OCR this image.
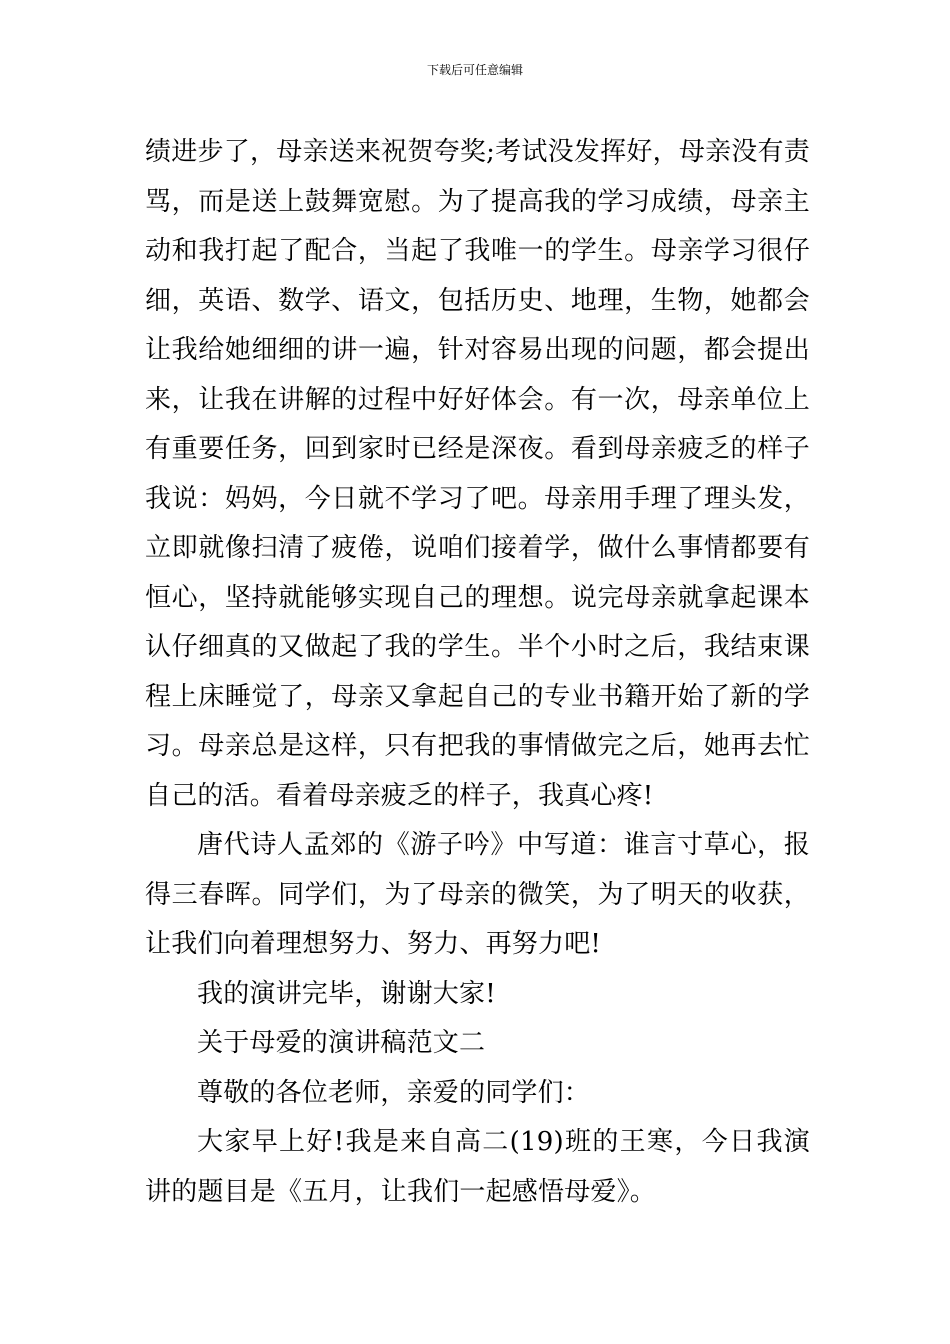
下载后可任意编辑

绩进步了，母亲送来祝贺夸奖;考试没发挥好，母亲没有责骂，而是送上鼓舞宽慰。为了提高我的学习成绩，母亲主动和我打起了配合，当起了我唯一的学生。母亲学习很仔细，英语、数学、语文，包括历史、地理，生物，她都会让我给她细细的讲一遍，针对容易出现的问题，都会提出来，让我在讲解的过程中好好体会。有一次，母亲单位上有重要任务，回到家时已经是深夜。看到母亲疲乏的样子我说：妈妈，今日就不学习了吧。母亲用手理了理头发，立即就像扫清了疲倦，说咱们接着学，做什么事情都要有恒心，坚持就能够实现自己的理想。说完母亲就拿起课本认仔细真的又做起了我的学生。半个小时之后，我结束课程上床睡觉了，母亲又拿起自己的专业书籍开始了新的学习。母亲总是这样，只有把我的事情做完之后，她再去忙自己的活。看着母亲疲乏的样子，我真心疼!

唐代诗人孟郊的《游子吟》中写道：谁言寸草心，报得三春晖。同学们，为了母亲的微笑，为了明天的收获，让我们向着理想努力、努力、再努力吧!

我的演讲完毕，谢谢大家!

关于母爱的演讲稿范文二

尊敬的各位老师，亲爱的同学们：

大家早上好!我是来自高二(19)班的王寒，今日我演讲的题目是《五月，让我们一起感悟母爱》。
